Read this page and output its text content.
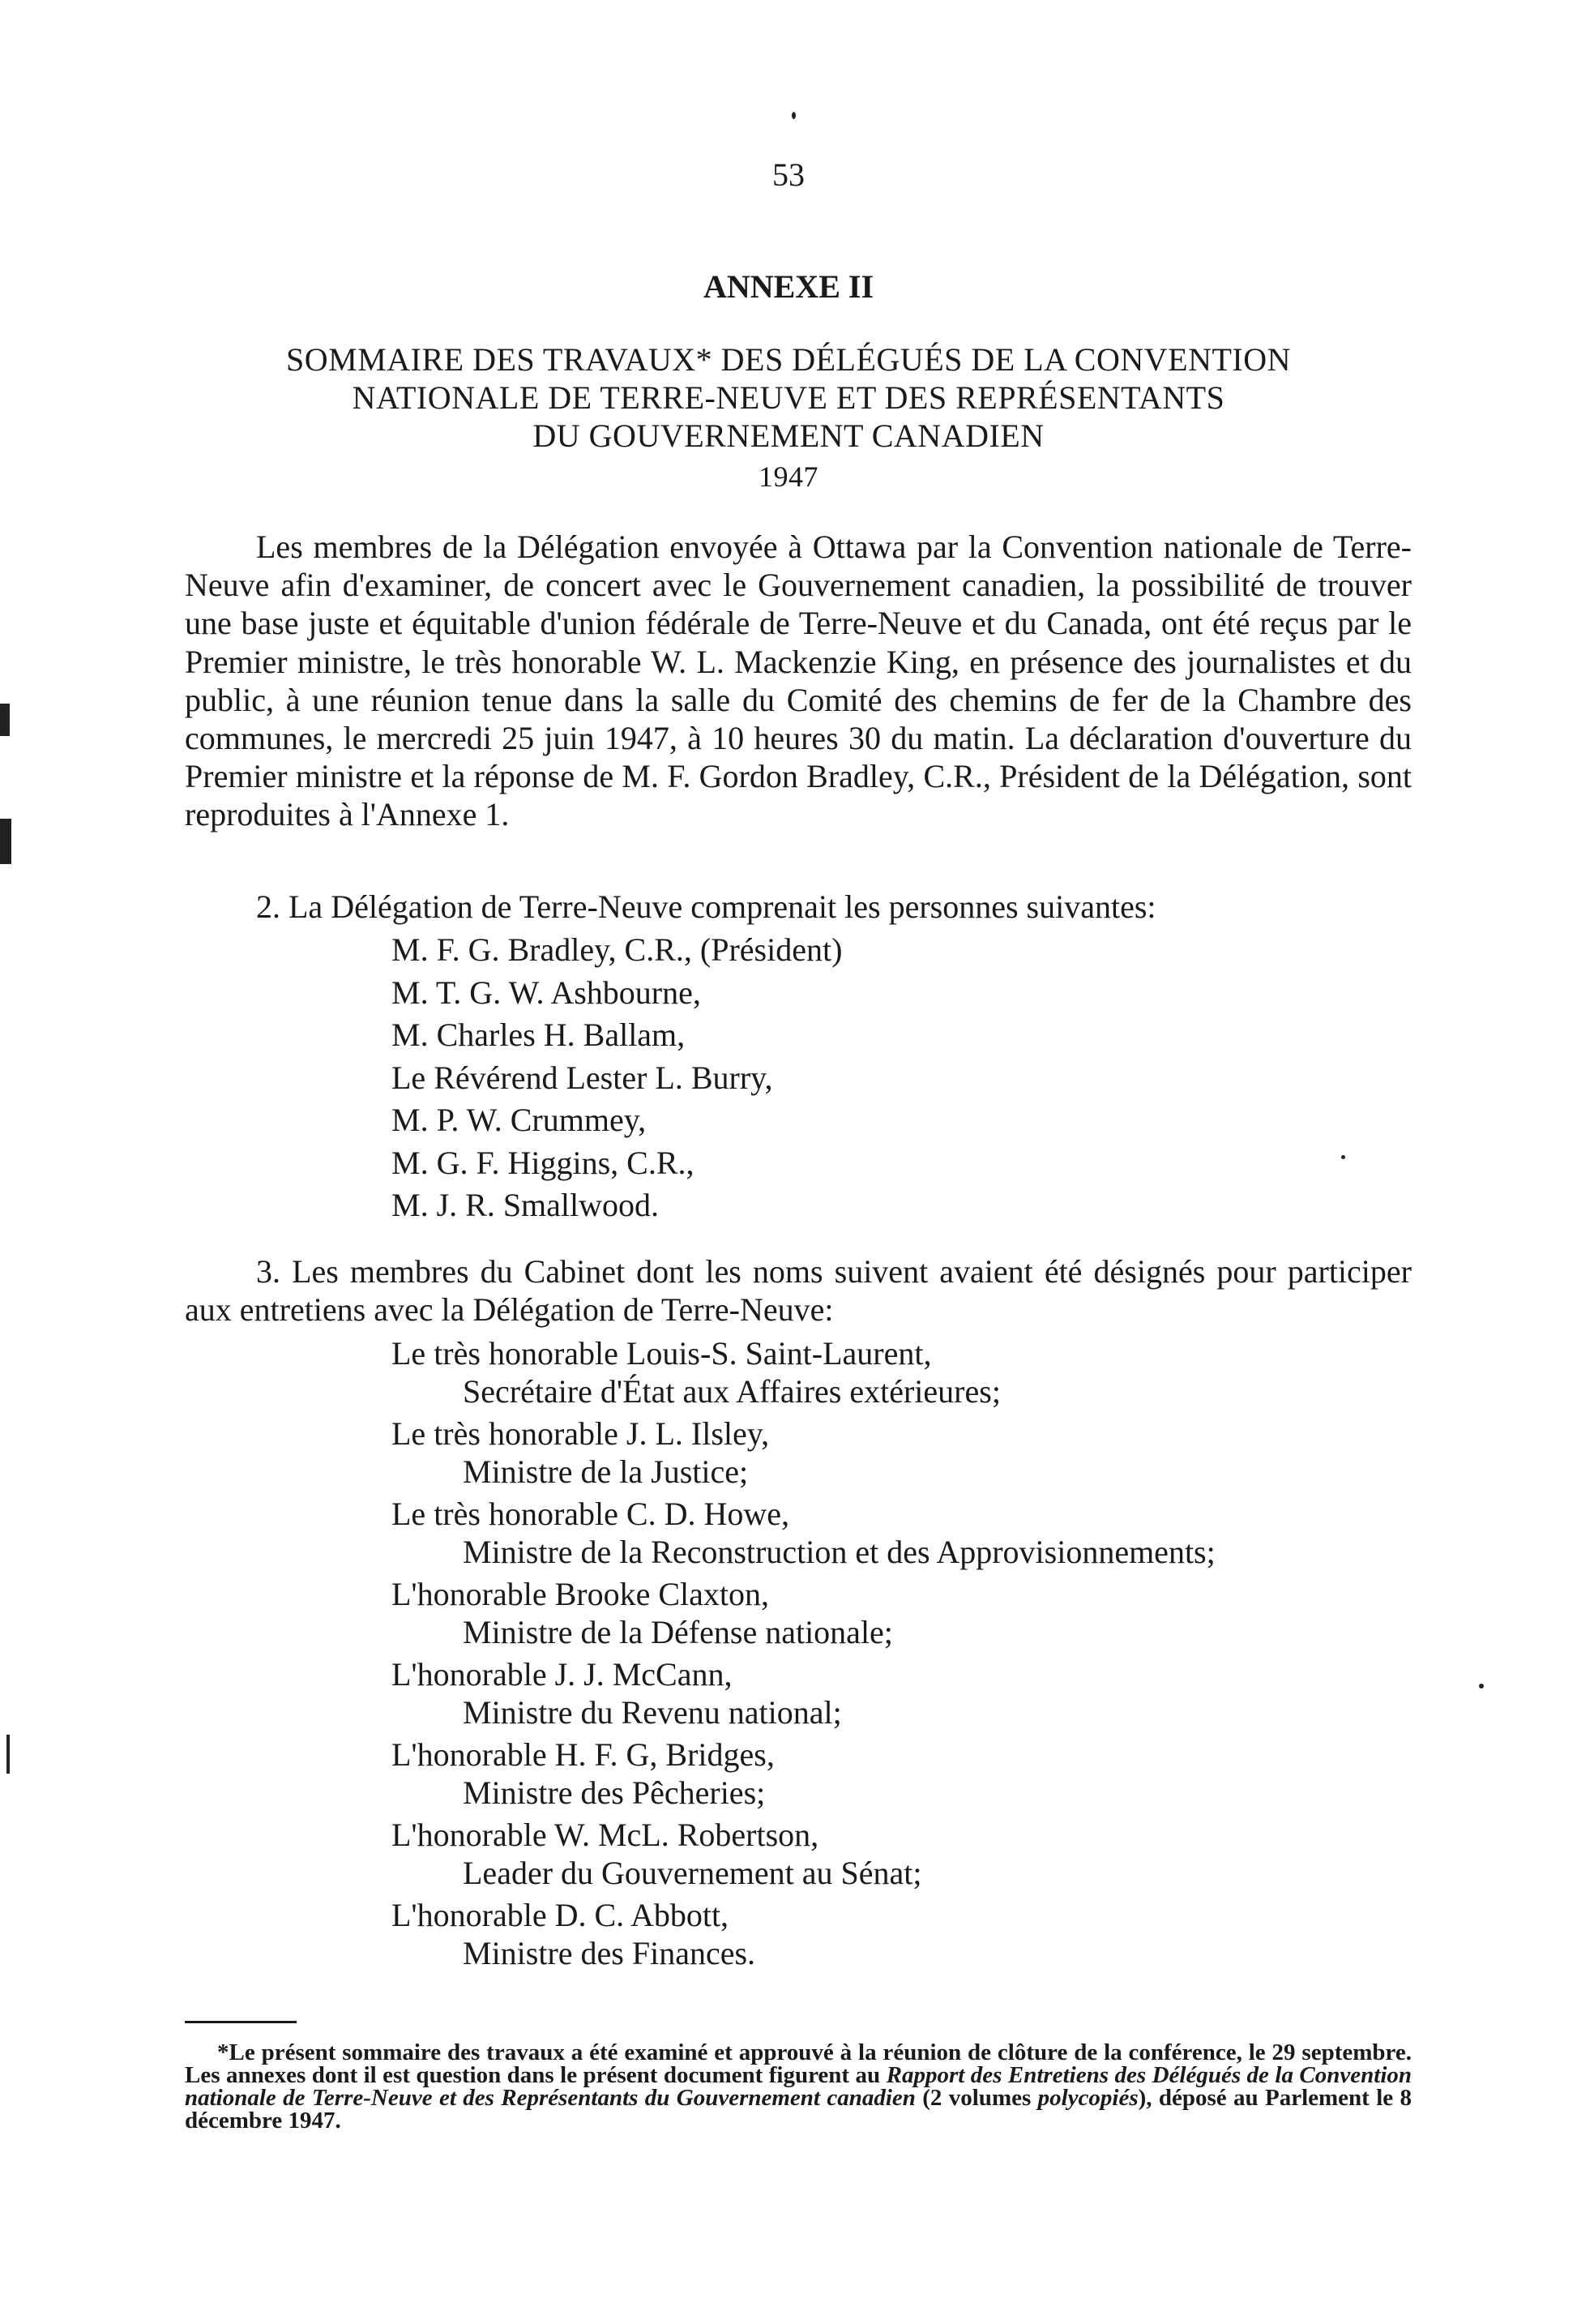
53
ANNEXE II
SOMMAIRE DES TRAVAUX* DES DÉLÉGUÉS DE LA CONVENTION
NATIONALE DE TERRE-NEUVE ET DES REPRÉSENTANTS
DU GOUVERNEMENT CANADIEN
1947
Les membres de la Délégation envoyée à Ottawa par la Convention nationale de Terre-Neuve afin d'examiner, de concert avec le Gouvernement canadien, la possibilité de trouver une base juste et équitable d'union fédérale de Terre-Neuve et du Canada, ont été reçus par le Premier ministre, le très honorable W. L. Mackenzie King, en présence des journalistes et du public, à une réunion tenue dans la salle du Comité des chemins de fer de la Chambre des communes, le mercredi 25 juin 1947, à 10 heures 30 du matin. La déclaration d'ouverture du Premier ministre et la réponse de M. F. Gordon Bradley, C.R., Président de la Délégation, sont reproduites à l'Annexe 1.
2. La Délégation de Terre-Neuve comprenait les personnes suivantes:
M. F. G. Bradley, C.R., (Président)
M. T. G. W. Ashbourne,
M. Charles H. Ballam,
Le Révérend Lester L. Burry,
M. P. W. Crummey,
M. G. F. Higgins, C.R.,
M. J. R. Smallwood.
3. Les membres du Cabinet dont les noms suivent avaient été désignés pour participer aux entretiens avec la Délégation de Terre-Neuve:
Le très honorable Louis-S. Saint-Laurent,
Secrétaire d'État aux Affaires extérieures;
Le très honorable J. L. Ilsley,
Ministre de la Justice;
Le très honorable C. D. Howe,
Ministre de la Reconstruction et des Approvisionnements;
L'honorable Brooke Claxton,
Ministre de la Défense nationale;
L'honorable J. J. McCann,
Ministre du Revenu national;
L'honorable H. F. G, Bridges,
Ministre des Pêcheries;
L'honorable W. McL. Robertson,
Leader du Gouvernement au Sénat;
L'honorable D. C. Abbott,
Ministre des Finances.
*Le présent sommaire des travaux a été examiné et approuvé à la réunion de clôture de la conférence, le 29 septembre. Les annexes dont il est question dans le présent document figurent au Rapport des Entretiens des Délégués de la Convention nationale de Terre-Neuve et des Représentants du Gouvernement canadien (2 volumes polycopiés), déposé au Parlement le 8 décembre 1947.
